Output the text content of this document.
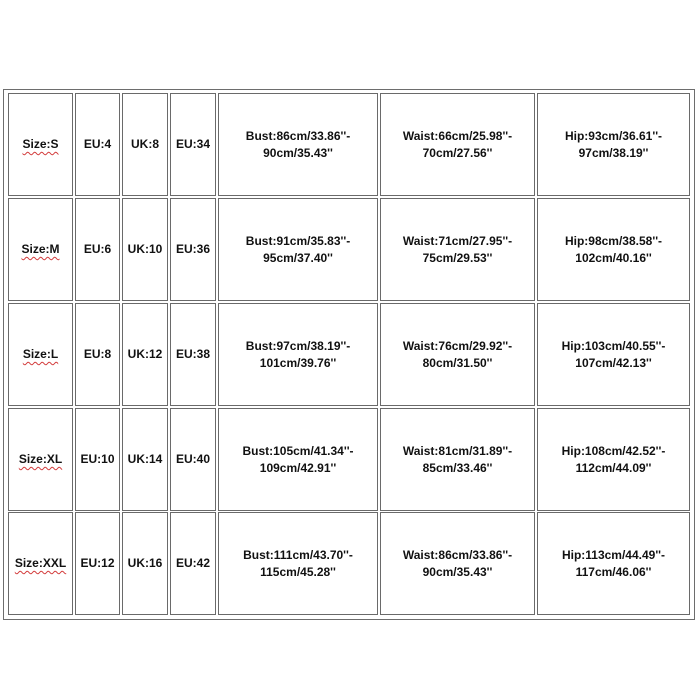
Size:S EU:4 UK:8 EU:34
Bust:86cm/33.86''-
90cm/35.43''
Waist:66cm/25.98''-
70cm/27.56''
Hip:93cm/36.61''-
97cm/38.19''
Size:M EU:6 UK:10 EU:36
Bust:91cm/35.83''-
95cm/37.40''
Waist:71cm/27.95''-
75cm/29.53''
Hip:98cm/38.58''-
102cm/40.16''
Size:L EU:8 UK:12 EU:38
Bust:97cm/38.19''-
101cm/39.76''
Waist:76cm/29.92''-
80cm/31.50''
Hip:103cm/40.55''-
107cm/42.13''
Size:XL EU:10 UK:14 EU:40
Bust:105cm/41.34''-
109cm/42.91''
Waist:81cm/31.89''-
85cm/33.46''
Hip:108cm/42.52''-
112cm/44.09''
Size:XXL EU:12 UK:16 EU:42
Bust:111cm/43.70''-
115cm/45.28''
Waist:86cm/33.86''-
90cm/35.43''
Hip:113cm/44.49''-
117cm/46.06''
